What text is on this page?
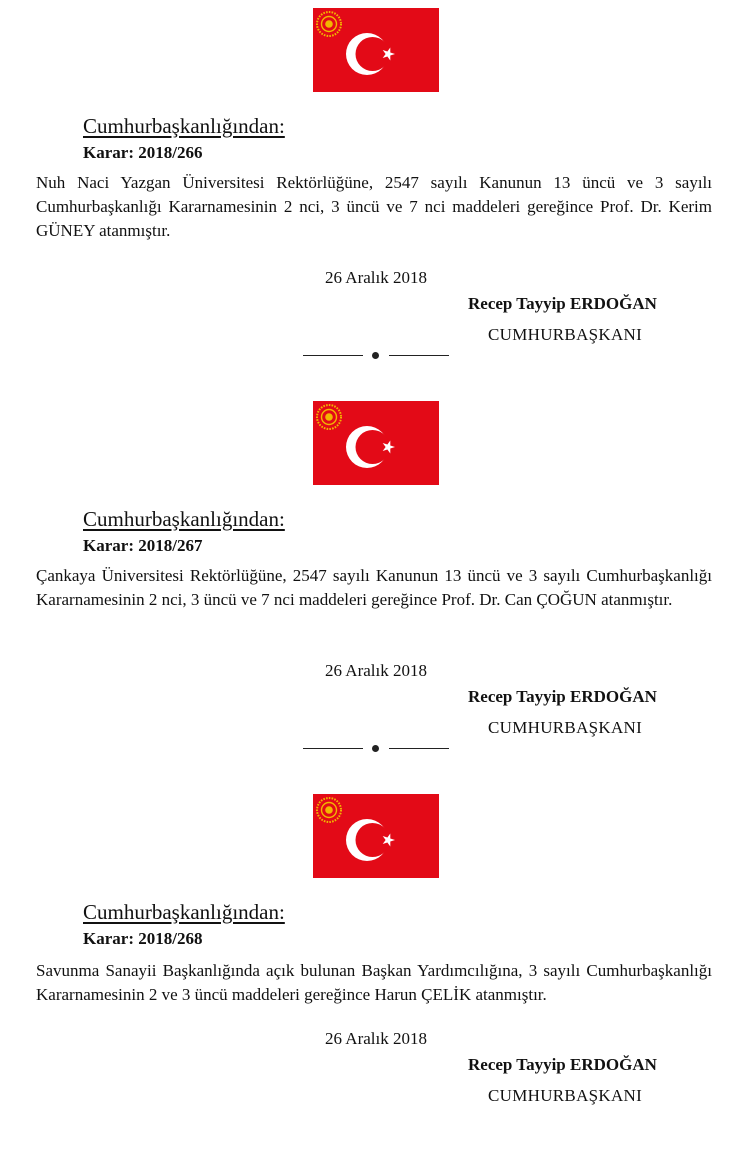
Cumhurbaşkanlığından:
Karar: 2018/266
Nuh Naci Yazgan Üniversitesi Rektörlüğüne, 2547 sayılı Kanunun 13 üncü ve 3 sayılı Cumhurbaşkanlığı Kararnamesinin 2 nci, 3 üncü ve 7 nci maddeleri gereğince Prof. Dr. Kerim GÜNEY atanmıştır.
26 Aralık 2018
Recep Tayyip ERDOĞAN
CUMHURBAŞKANI
Cumhurbaşkanlığından:
Karar: 2018/267
Çankaya Üniversitesi Rektörlüğüne, 2547 sayılı Kanunun 13 üncü ve 3 sayılı Cumhurbaşkanlığı Kararnamesinin 2 nci, 3 üncü ve 7 nci maddeleri gereğince Prof. Dr. Can ÇOĞUN atanmıştır.
26 Aralık 2018
Recep Tayyip ERDOĞAN
CUMHURBAŞKANI
Cumhurbaşkanlığından:
Karar: 2018/268
Savunma Sanayii Başkanlığında açık bulunan Başkan Yardımcılığına, 3 sayılı Cumhurbaşkanlığı Kararnamesinin 2 ve 3 üncü maddeleri gereğince Harun ÇELİK atanmıştır.
26 Aralık 2018
Recep Tayyip ERDOĞAN
CUMHURBAŞKANI
